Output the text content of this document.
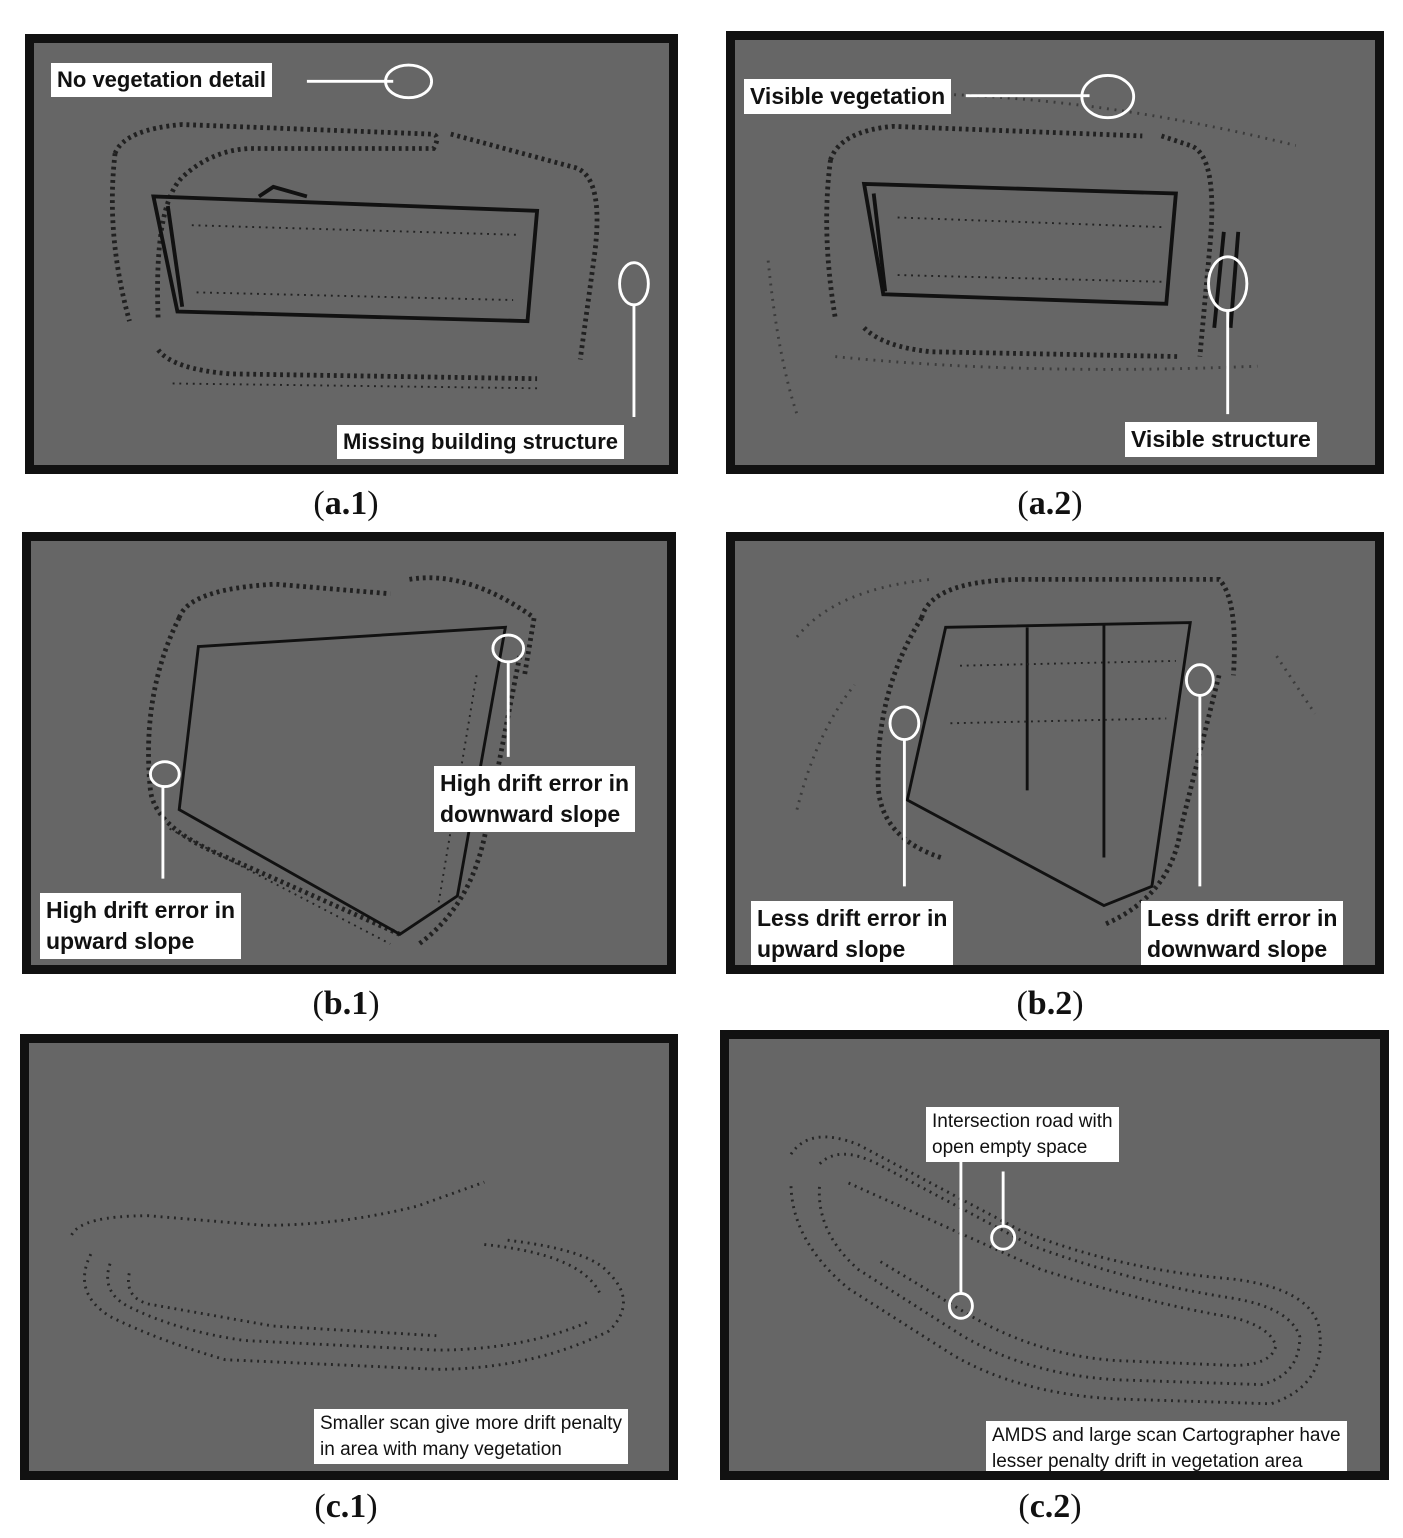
No vegetation detail
Missing building structure
(a.1)
Visible vegetation
Visible structure
(a.2)
High drift error in
downward slope
High drift error in
upward slope
(b.1)
Less drift error in
upward slope
Less drift error in
downward slope
(b.2)
Smaller scan give more drift penalty
in area with many vegetation
(c.1)
Intersection road with
open empty space
AMDS and large scan Cartographer have
lesser penalty drift in vegetation area
(c.2)
